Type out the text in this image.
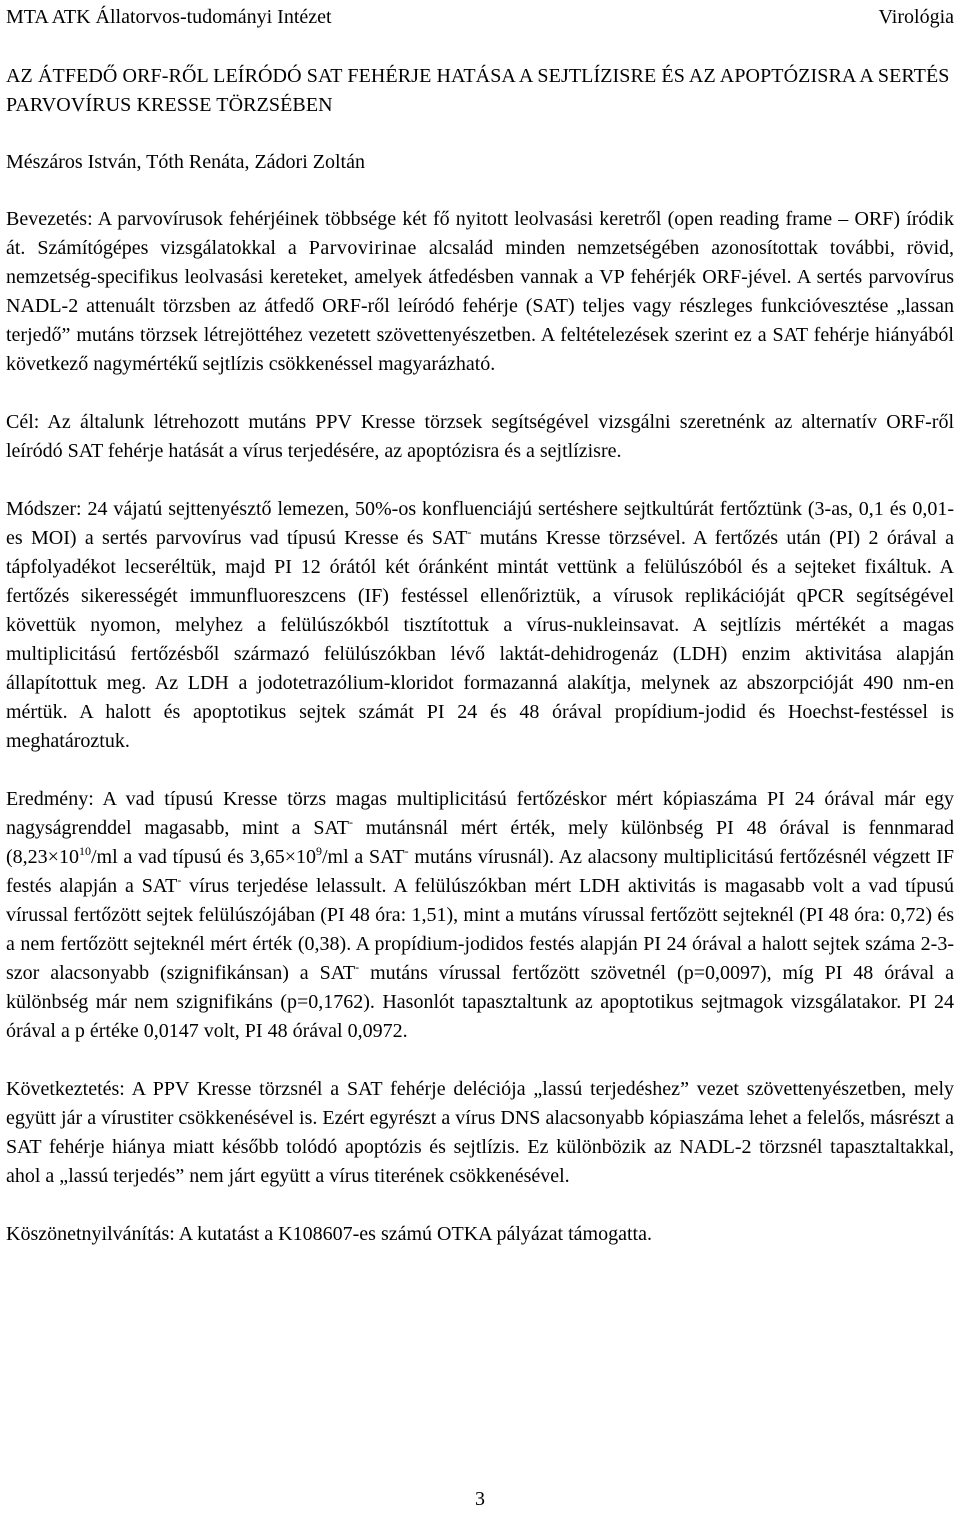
MTA ATK Állatorvos-tudományi Intézet	Virológia
AZ ÁTFEDŐ ORF-RŐL LEÍRÓDÓ SAT FEHÉRJE HATÁSA A SEJTLÍZISRE ÉS AZ APOPTÓZISRA A SERTÉS PARVOVÍRUS KRESSE TÖRZSÉBEN

Mészáros István, Tóth Renáta, Zádori Zoltán

Bevezetés: A parvovírusok fehérjéinek többsége két fő nyitott leolvasási keretről (open reading frame – ORF) íródik át. Számítógépes vizsgálatokkal a Parvovirinae alcsalád minden nemzetségében azonosítottak további, rövid, nemzetség-specifikus leolvasási kereteket, amelyek átfedésben vannak a VP fehérjék ORF-jével. A sertés parvovírus NADL-2 attenuált törzsben az átfedő ORF-ről leíródó fehérje (SAT) teljes vagy részleges funkcióvesztése „lassan terjedő” mutáns törzsek létrejöttéhez vezetett szövettenyészetben. A feltételezések szerint ez a SAT fehérje hiányából következő nagymértékű sejtlízis csökkenéssel magyarázható.

Cél: Az általunk létrehozott mutáns PPV Kresse törzsek segítségével vizsgálni szeretnénk az alternatív ORF-ről leíródó SAT fehérje hatását a vírus terjedésére, az apoptózisra és a sejtlízisre.

Módszer: 24 vájatú sejttenyésztő lemezen, 50%-os konfluenciájú sertéshere sejtkultúrát fertőztünk (3-as, 0,1 és 0,01-es MOI) a sertés parvovírus vad típusú Kresse és SAT- mutáns Kresse törzsével. A fertőzés után (PI) 2 órával a tápfolyadékot lecseréltük, majd PI 12 órától két óránként mintát vettünk a felülúszóból és a sejteket fixáltuk. A fertőzés sikerességét immunfluoreszcens (IF) festéssel ellenőriztük, a vírusok replikációját qPCR segítségével követtük nyomon, melyhez a felülúszókból tisztítottuk a vírus-nukleinsavat. A sejtlízis mértékét a magas multiplicitású fertőzésből származó felülúszókban lévő laktát-dehidrogenáz (LDH) enzim aktivitása alapján állapítottuk meg. Az LDH a jodotetrazólium-kloridot formazanná alakítja, melynek az abszorpcióját 490 nm-en mértük. A halott és apoptotikus sejtek számát PI 24 és 48 órával propídium-jodid és Hoechst-festéssel is meghatároztuk.

Eredmény: A vad típusú Kresse törzs magas multiplicitású fertőzéskor mért kópiaszáma PI 24 órával már egy nagyságrenddel magasabb, mint a SAT- mutánsnál mért érték, mely különbség PI 48 órával is fennmarad ($8,23\times 10^{10}/ml$ a vad típusú és $3,65\times 10^9/ml$ a SAT- mutáns vírusnál). Az alacsony multiplicitású fertőzésnél végzett IF festés alapján a SAT- vírus terjedése lelassult. A felülúszókban mért LDH aktivitás is magasabb volt a vad típusú vírussal fertőzött sejtek felülúszójában (PI 48 óra: 1,51), mint a mutáns vírussal fertőzött sejteknél (PI 48 óra: 0,72) és a nem fertőzött sejteknél mért érték (0,38). A propídium-jodidos festés alapján PI 24 órával a halott sejtek száma 2-3-szor alacsonyabb (szignifikánsan) a SAT- mutáns vírussal fertőzött szövetnél (p=0,0097), míg PI 48 órával a különbség már nem szignifikáns (p=0,1762). Hasonlót tapasztaltunk az apoptotikus sejtmagok vizsgálatakor. PI 24 órával a p értéke 0,0147 volt, PI 48 órával 0,0972.

Következtetés: A PPV Kresse törzsnél a SAT fehérje deléciója „lassú terjedéshez” vezet szövettenyészetben, mely együtt jár a vírustiter csökkenésével is. Ezért egyrészt a vírus DNS alacsonyabb kópiaszáma lehet a felelős, másrészt a SAT fehérje hiánya miatt később tolódó apoptózis és sejtlízis. Ez különbözik az NADL-2 törzsnél tapasztaltakkal, ahol a „lassú terjedés” nem járt együtt a vírus titerének csökkenésével.

Köszönetnyilvánítás: A kutatást a K108607-es számú OTKA pályázat támogatta.

3
